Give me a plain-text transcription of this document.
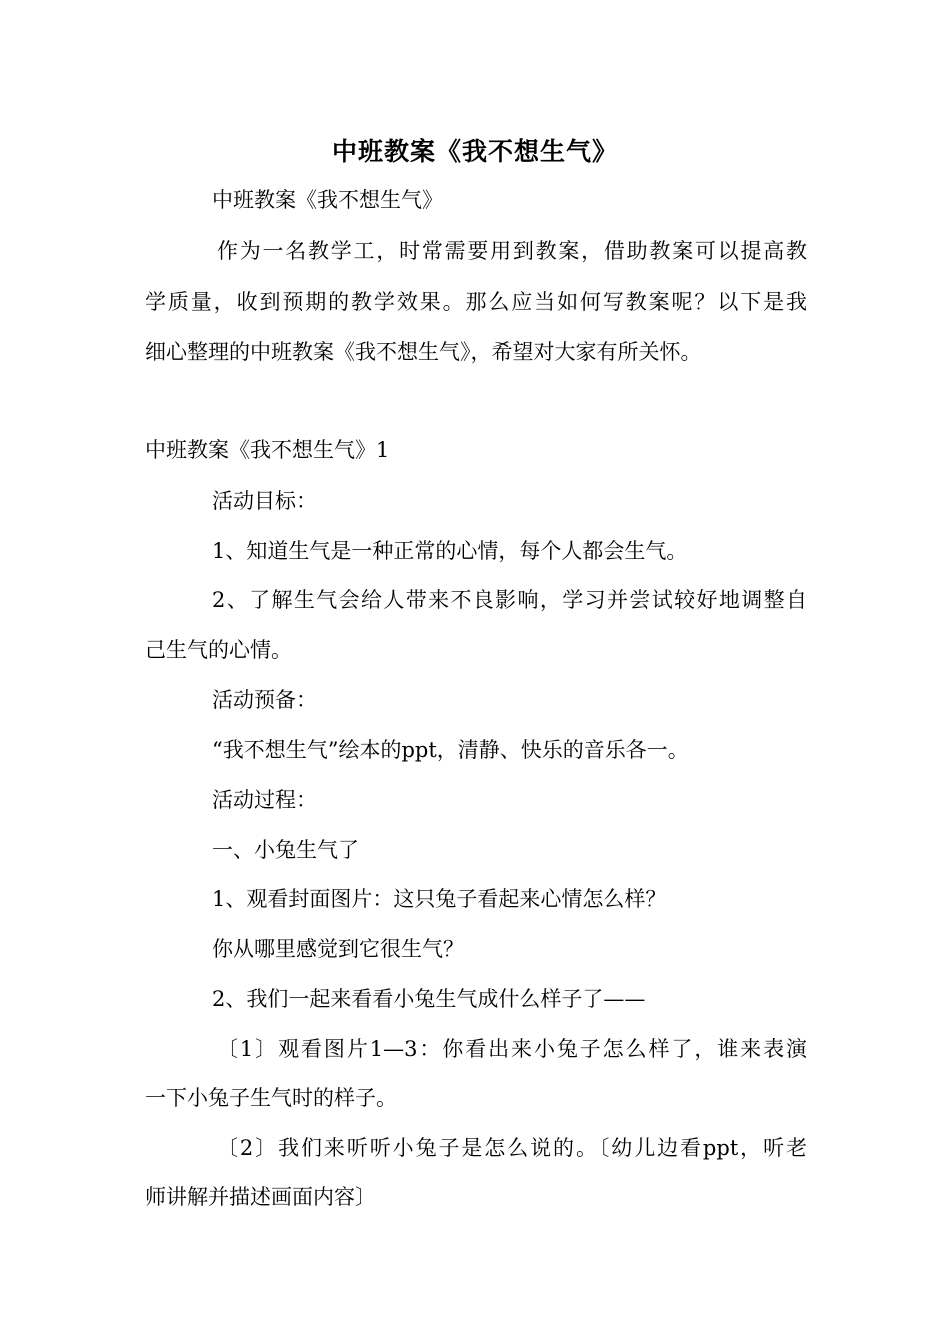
中班教案《我不想生气》
中班教案《我不想生气》
作为一名教学工，时常需要用到教案，借助教案可以提高教
学质量，收到预期的教学效果。那么应当如何写教案呢？以下是我
细心整理的中班教案《我不想生气》，希望对大家有所关怀。
中班教案《我不想生气》1
活动目标：
1、知道生气是一种正常的心情，每个人都会生气。
2、了解生气会给人带来不良影响，学习并尝试较好地调整自
己生气的心情。
活动预备：
“我不想生气”绘本的ppt，清静、快乐的音乐各一。
活动过程：
一、小兔生气了
1、观看封面图片：这只兔子看起来心情怎么样？
你从哪里感觉到它很生气？
2、我们一起来看看小兔生气成什么样子了——
〔1〕观看图片1—3：你看出来小兔子怎么样了，谁来表演
一下小兔子生气时的样子。
〔2〕我们来听听小兔子是怎么说的。〔幼儿边看ppt，听老
师讲解并描述画面内容〕
